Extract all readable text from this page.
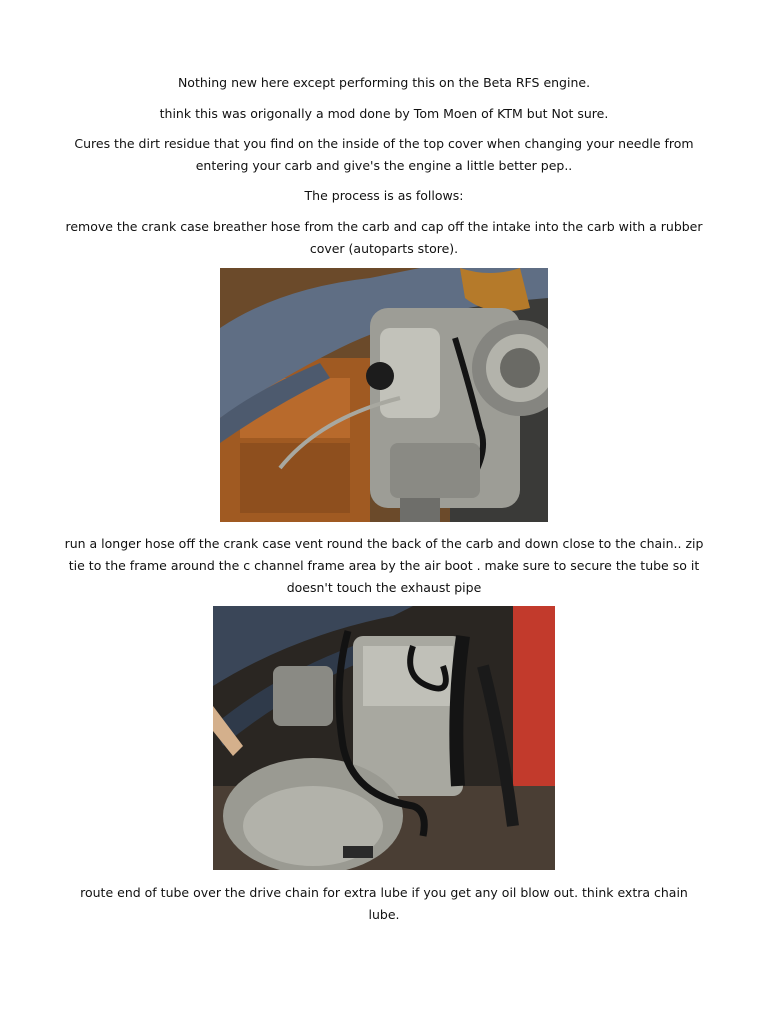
Nothing new here except performing this on the Beta RFS engine.

think this was origonally a mod done by Tom Moen of KTM but Not sure.

Cures the dirt residue that you find on the inside of the top cover when changing your needle from entering your carb and give's the engine a little better pep..

The process is as follows:

remove the crank case breather hose from the carb and cap off the intake into the carb with a rubber cover (autoparts store).

run a longer hose off the crank case vent round the back of the carb and down close to the chain.. zip tie to the frame around the c channel frame area by the air boot . make sure to secure the tube so it doesn't touch the exhaust pipe

route end of tube over the drive chain for extra lube if you get any oil blow out. think extra chain lube.
